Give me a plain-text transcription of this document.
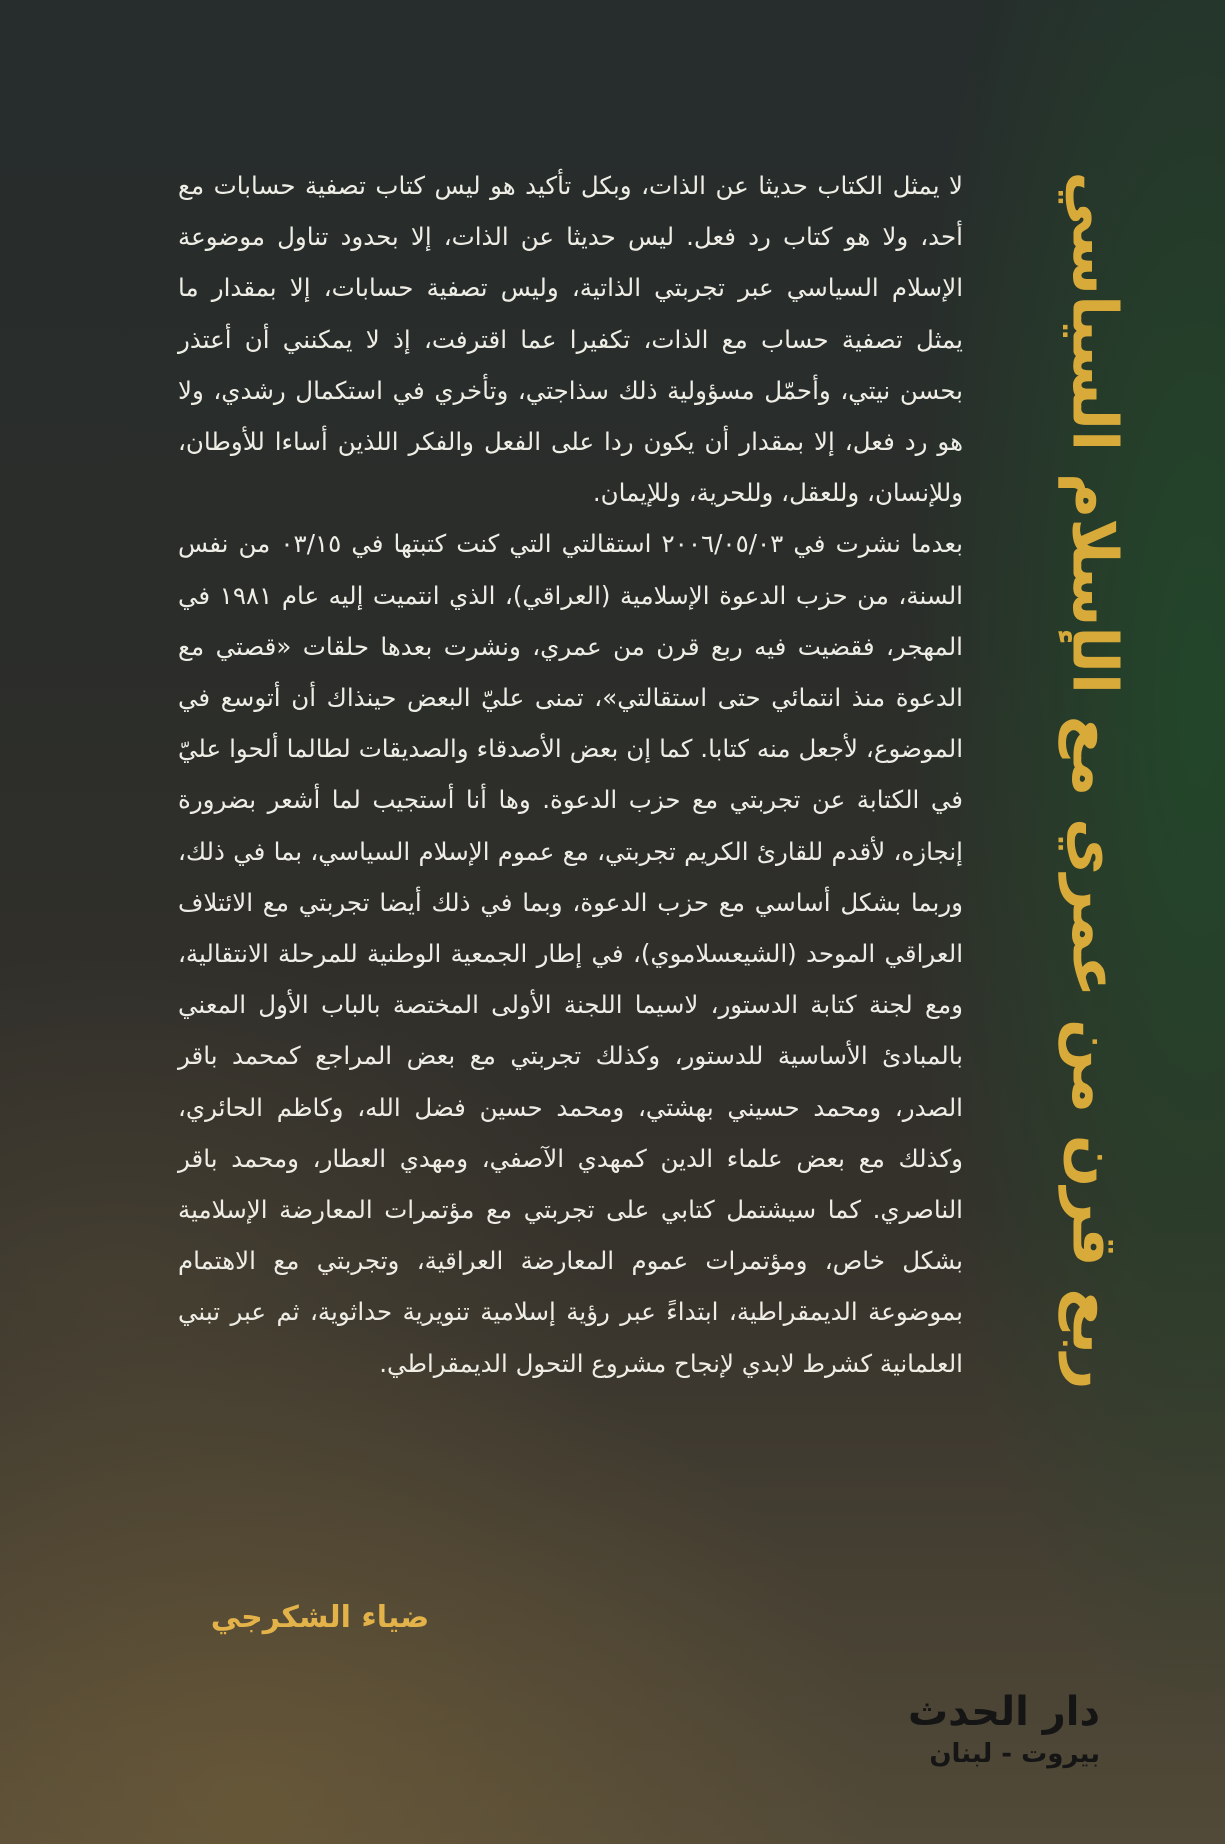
ربع قرن من عمري مع الإسلام السياسي

لا يمثل الكتاب حديثا عن الذات، وبكل تأكيد هو ليس كتاب تصفية حسابات مع أحد، ولا هو كتاب رد فعل. ليس حديثا عن الذات، إلا بحدود تناول موضوعة الإسلام السياسي عبر تجربتي الذاتية، وليس تصفية حسابات، إلا بمقدار ما يمثل تصفية حساب مع الذات، تكفيرا عما اقترفت، إذ لا يمكنني أن أعتذر بحسن نيتي، وأحمّل مسؤولية ذلك سذاجتي، وتأخري في استكمال رشدي، ولا هو رد فعل، إلا بمقدار أن يكون ردا على الفعل والفكر اللذين أساءا للأوطان، وللإنسان، وللعقل، وللحرية، وللإيمان.

بعدما نشرت في ٢٠٠٦/٠٥/٠٣ استقالتي التي كنت كتبتها في ٠٣/١٥ من نفس السنة، من حزب الدعوة الإسلامية (العراقي)، الذي انتميت إليه عام ١٩٨١ في المهجر، فقضيت فيه ربع قرن من عمري، ونشرت بعدها حلقات «قصتي مع الدعوة منذ انتمائي حتى استقالتي»، تمنى عليّ البعض حينذاك أن أتوسع في الموضوع، لأجعل منه كتابا. كما إن بعض الأصدقاء والصديقات لطالما ألحوا عليّ في الكتابة عن تجربتي مع حزب الدعوة. وها أنا أستجيب لما أشعر بضرورة إنجازه، لأقدم للقارئ الكريم تجربتي، مع عموم الإسلام السياسي، بما في ذلك، وربما بشكل أساسي مع حزب الدعوة، وبما في ذلك أيضا تجربتي مع الائتلاف العراقي الموحد (الشيعسلاموي)، في إطار الجمعية الوطنية للمرحلة الانتقالية، ومع لجنة كتابة الدستور، لاسيما اللجنة الأولى المختصة بالباب الأول المعني بالمبادئ الأساسية للدستور، وكذلك تجربتي مع بعض المراجع كمحمد باقر الصدر، ومحمد حسيني بهشتي، ومحمد حسين فضل الله، وكاظم الحائري، وكذلك مع بعض علماء الدين كمهدي الآصفي، ومهدي العطار، ومحمد باقر الناصري. كما سيشتمل كتابي على تجربتي مع مؤتمرات المعارضة الإسلامية بشكل خاص، ومؤتمرات عموم المعارضة العراقية، وتجربتي مع الاهتمام بموضوعة الديمقراطية، ابتداءً عبر رؤية إسلامية تنويرية حداثوية، ثم عبر تبني العلمانية كشرط لابدي لإنجاح مشروع التحول الديمقراطي.

ضياء الشكرجي
دار الحدث
بيروت - لبنان
